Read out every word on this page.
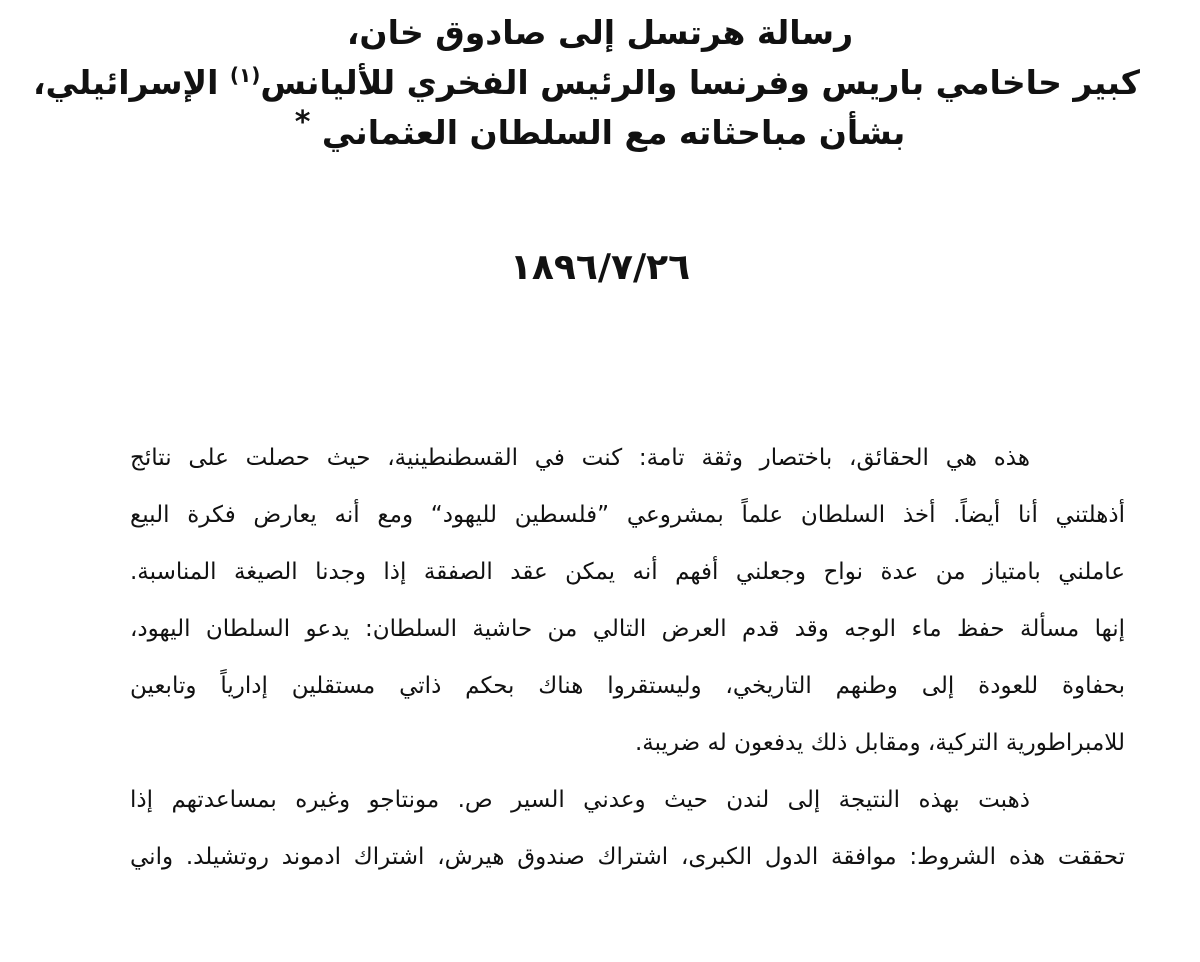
رسالة هرتسل إلى صادوق خان،
كبير حاخامي باريس وفرنسا والرئيس الفخري للأليانس$^{(١)}$ الإسرائيلي،
بشأن مباحثاته مع السلطان العثماني *
١٨٩٦/٧/٢٦
هذه هي الحقائق، باختصار وثقة تامة: كنت في القسطنطينية، حيث حصلت على نتائج
أذهلتني أنا أيضاً. أخذ السلطان علماً بمشروعي ”فلسطين لليهود“ ومع أنه يعارض فكرة البيع
عاملني بامتياز من عدة نواح وجعلني أفهم أنه يمكن عقد الصفقة إذا وجدنا الصيغة المناسبة.
إنها مسألة حفظ ماء الوجه وقد قدم العرض التالي من حاشية السلطان: يدعو السلطان اليهود،
بحفاوة للعودة إلى وطنهم التاريخي، وليستقروا هناك بحكم ذاتي مستقلين إدارياً وتابعين
للامبراطورية التركية، ومقابل ذلك يدفعون له ضريبة.
ذهبت بهذه النتيجة إلى لندن حيث وعدني السير ص. مونتاجو وغيره بمساعدتهم إذا
تحققت هذه الشروط: موافقة الدول الكبرى، اشتراك صندوق هيرش، اشتراك ادموند روتشيلد. واني
